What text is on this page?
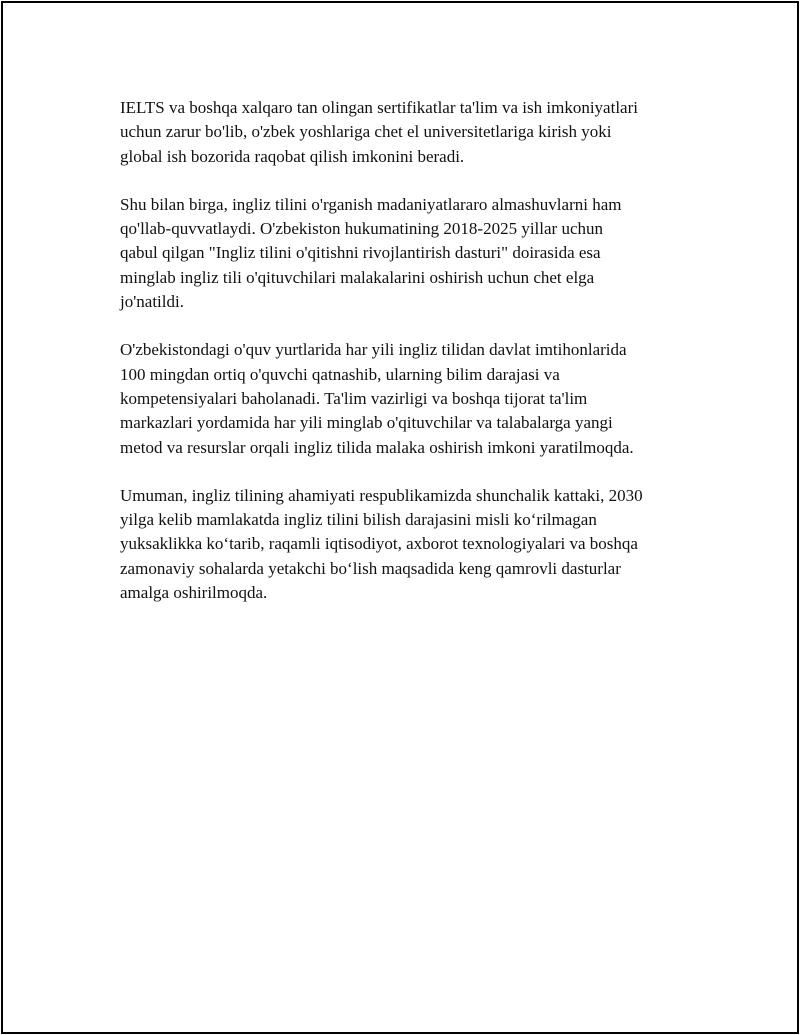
IELTS va boshqa xalqaro tan olingan sertifikatlar ta'lim va ish imkoniyatlari
uchun zarur bo'lib, o'zbek yoshlariga chet el universitetlariga kirish yoki
global ish bozorida raqobat qilish imkonini beradi.

Shu bilan birga, ingliz tilini o'rganish madaniyatlararo almashuvlarni ham
qo'llab-quvvatlaydi. O'zbekiston hukumatining 2018-2025 yillar uchun
qabul qilgan "Ingliz tilini o'qitishni rivojlantirish dasturi" doirasida esa
minglab ingliz tili o'qituvchilari malakalarini oshirish uchun chet elga
jo'natildi.

O'zbekistondagi o'quv yurtlarida har yili ingliz tilidan davlat imtihonlarida
100 mingdan ortiq o'quvchi qatnashib, ularning bilim darajasi va
kompetensiyalari baholanadi. Ta'lim vazirligi va boshqa tijorat ta'lim
markazlari yordamida har yili minglab o'qituvchilar va talabalarga yangi
metod va resurslar orqali ingliz tilida malaka oshirish imkoni yaratilmoqda.

Umuman, ingliz tilining ahamiyati respublikamizda shunchalik kattaki, 2030
yilga kelib mamlakatda ingliz tilini bilish darajasini misli koʻrilmagan
yuksaklikka koʻtarib, raqamli iqtisodiyot, axborot texnologiyalari va boshqa
zamonaviy sohalarda yetakchi boʻlish maqsadida keng qamrovli dasturlar
amalga oshirilmoqda.
